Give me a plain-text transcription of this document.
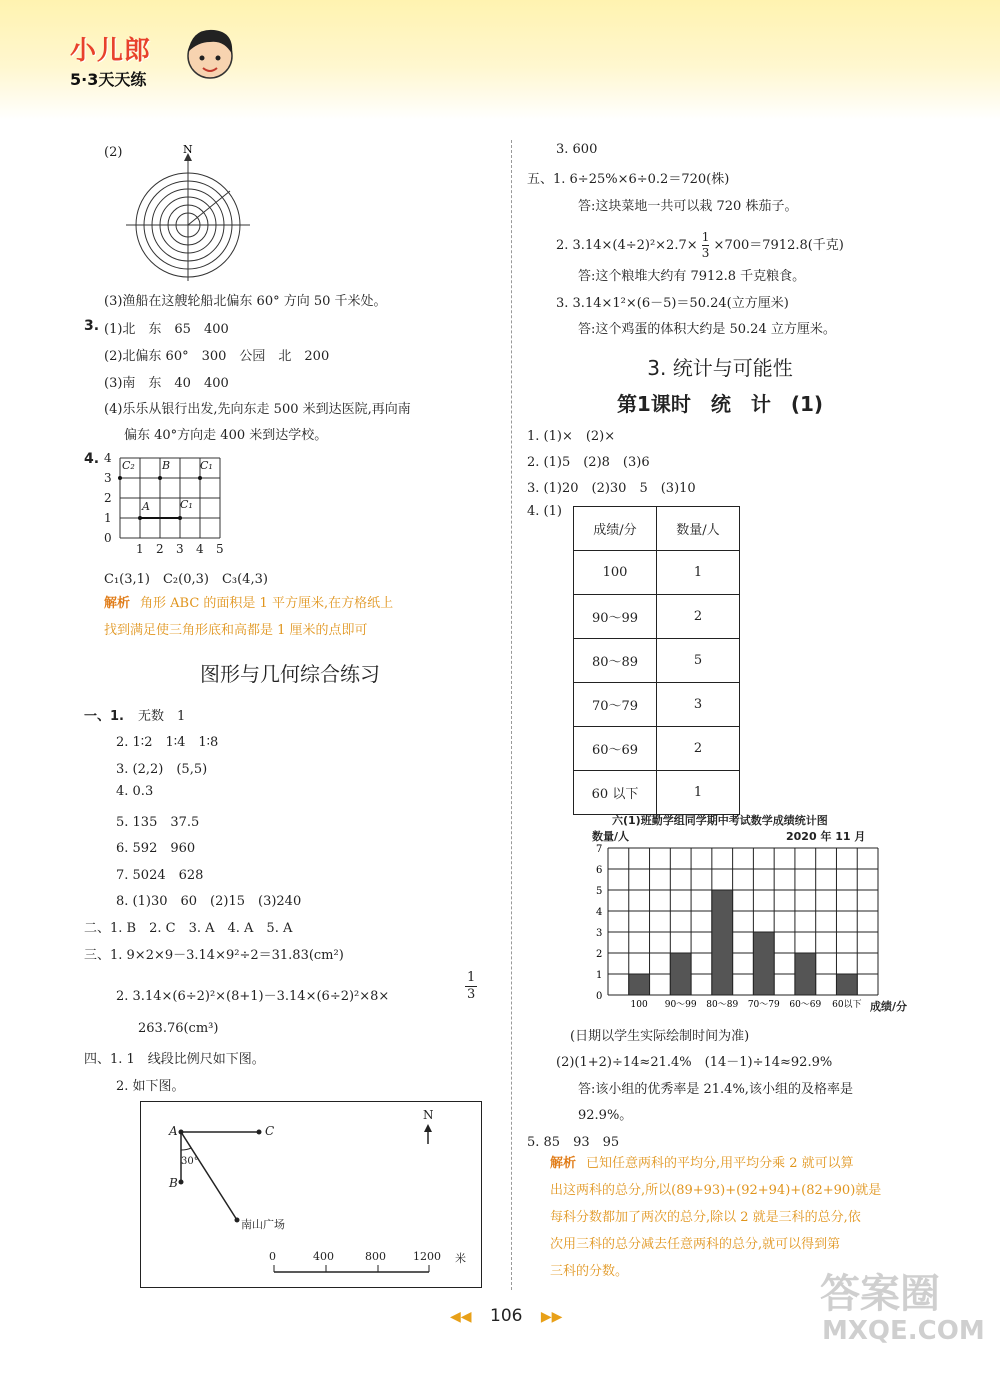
小儿郎
5·3天天练
(2)	N
(3)渔船在这艘轮船北偏东 60° 方向 50 千米处。
3. (1)北　东　65　400
(2)北偏东 60°　300　公园　北　200
(3)南　东　40　400
(4)乐乐从银行出发,先向东走 500 米到达医院,再向南
偏东 40°方向走 400 米到达学校。
4. 4
3
2
1
0
1 2 3 4 5
C₂ B	C₁
A	C₁
C₁(3,1)　C₂(0,3)　C₃(4,3)
解析 角形 ABC 的面积是 1 平方厘米,在方格纸上
找到满足使三角形底和高都是 1 厘米的点即可
图形与几何综合练习
一、1. 无数　1
2. 1∶2　1∶4　1∶8
3. (2,2)　(5,5)
4. 0.3
5. 135　37.5
6. 592　960
7. 5024　628
8. (1)30　60　(2)15　(3)240
二、1. B　2. C　3. A　4. A　5. A
三、1. 9×2×9－3.14×9²÷2＝31.83(cm²)
2. 3.14×(6÷2)²×(8+1)－3.14×(6÷2)²×8×	$\frac{1}{3}$
263.76(cm³)
四、1. 1　线段比例尺如下图。
2. 如下图。
A	C
B
30°
N
南山广场
0	400	800 1200 米
3. 600
五、1. 6÷25%×6÷0.2＝720(株)
答:这块菜地一共可以栽 720 株茄子。
2. $3.14\times(4\div 2)^2\times 2.7\times \frac{1}{3} \times 700=7912.8$(千克)
答:这个粮堆大约有 7912.8 千克粮食。
3. 3.14×1²×(6－5)＝50.24(立方厘米)
答:这个鸡蛋的体积大约是 50.24 立方厘米。
3. 统计与可能性
第1课时　统　计　(1)
1. (1)×　(2)×
2. (1)5　(2)8　(3)6
3. (1)20　(2)30　5　(3)10
4. (1)
成绩/分	数量/人
100	1
90～99	2
80～89	5
70～79	3
60～69	2
60 以下	1
六(1)班勤学组同学期中考试数学成绩统计图
数量/人	2020 年 11 月
成绩/分
0
1
2
3
4
5
6
7
100 90～99 80～89 70～79 60～69 60以下
(日期以学生实际绘制时间为准)
(2)(1+2)÷14≈21.4%　(14－1)÷14≈92.9%
答:该小组的优秀率是 21.4%,该小组的及格率是
92.9%。
5. 85　93　95
解析 已知任意两科的平均分,用平均分乘 2 就可以算
出这两科的总分,所以(89+93)+(92+94)+(82+90)就是
每科分数都加了两次的总分,除以 2 就是三科的总分,依
次用三科的总分减去任意两科的总分,就可以得到第
三科的分数。
◀◀ 106 ▶▶	答案圈
MXQE.COM
